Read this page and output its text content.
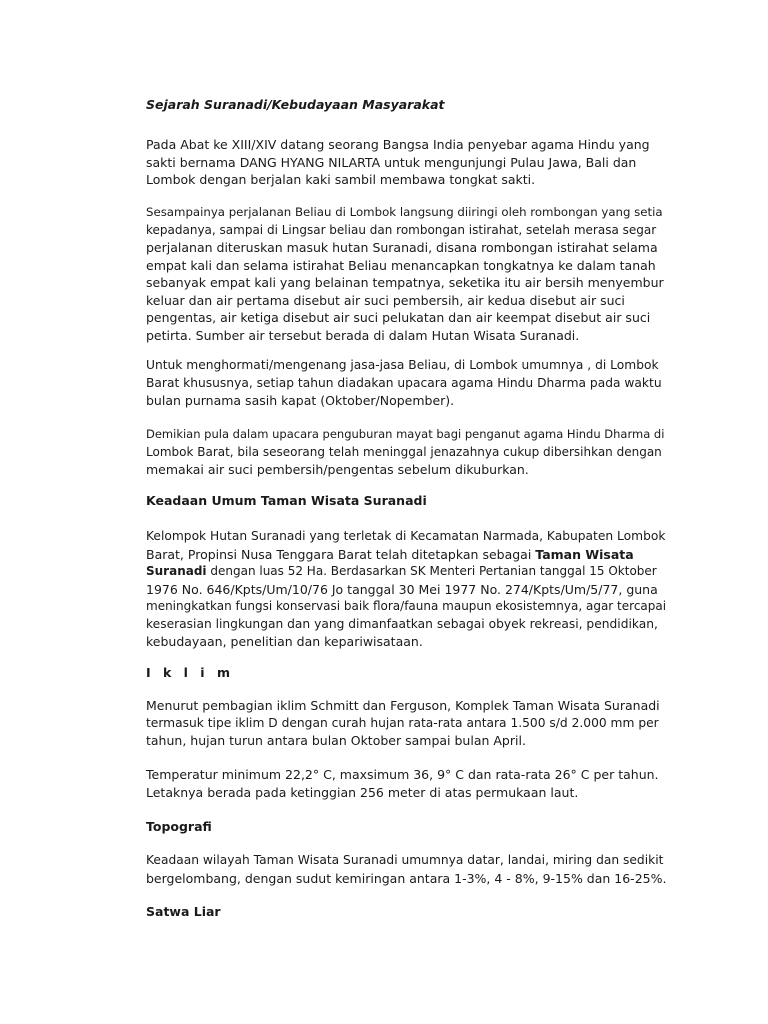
Sejarah Suranadi/Kebudayaan Masyarakat
Pada Abat ke XIII/XIV datang seorang Bangsa India penyebar agama Hindu yang
sakti bernama DANG HYANG NILARTA untuk mengunjungi Pulau Jawa, Bali dan
Lombok dengan berjalan kaki sambil membawa tongkat sakti.
Sesampainya perjalanan Beliau di Lombok langsung diiringi oleh rombongan yang setia
kepadanya, sampai di Lingsar beliau dan rombongan istirahat, setelah merasa segar
perjalanan diteruskan masuk hutan Suranadi, disana rombongan istirahat selama
empat kali dan selama istirahat Beliau menancapkan tongkatnya ke dalam tanah
sebanyak empat kali yang belainan tempatnya, seketika itu air bersih menyembur
keluar dan air pertama disebut air suci pembersih, air kedua disebut air suci
pengentas, air ketiga disebut air suci pelukatan dan air keempat disebut air suci
petirta. Sumber air tersebut berada di dalam Hutan Wisata Suranadi.
Untuk menghormati/mengenang jasa-jasa Beliau, di Lombok umumnya , di Lombok
Barat khususnya, setiap tahun diadakan upacara agama Hindu Dharma pada waktu
bulan purnama sasih kapat (Oktober/Nopember).
Demikian pula dalam upacara penguburan mayat bagi penganut agama Hindu Dharma di
Lombok Barat, bila seseorang telah meninggal jenazahnya cukup dibersihkan dengan
memakai air suci pembersih/pengentas sebelum dikuburkan.
Keadaan Umum Taman Wisata Suranadi
Kelompok Hutan Suranadi yang terletak di Kecamatan Narmada, Kabupaten Lombok
Barat, Propinsi Nusa Tenggara Barat telah ditetapkan sebagai Taman Wisata
Suranadi dengan luas 52 Ha. Berdasarkan SK Menteri Pertanian tanggal 15 Oktober
1976 No. 646/Kpts/Um/10/76 Jo tanggal 30 Mei 1977 No. 274/Kpts/Um/5/77, guna
meningkatkan fungsi konservasi baik flora/fauna maupun ekosistemnya, agar tercapai
keserasian lingkungan dan yang dimanfaatkan sebagai obyek rekreasi, pendidikan,
kebudayaan, penelitian dan kepariwisataan.
I k l i m
Menurut pembagian iklim Schmitt dan Ferguson, Komplek Taman Wisata Suranadi
termasuk tipe iklim D dengan curah hujan rata-rata antara 1.500 s/d 2.000 mm per
tahun, hujan turun antara bulan Oktober sampai bulan April.
Temperatur minimum 22,2° C, maxsimum 36, 9° C dan rata-rata 26° C per tahun.
Letaknya berada pada ketinggian 256 meter di atas permukaan laut.
Topografi
Keadaan wilayah Taman Wisata Suranadi umumnya datar, landai, miring dan sedikit
bergelombang, dengan sudut kemiringan antara 1-3%, 4 - 8%, 9-15% dan 16-25%.
Satwa Liar
